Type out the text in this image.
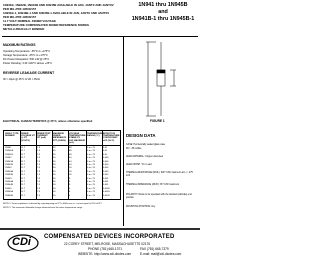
1N941B, 1N942B, 1N943B AND 1N945B AVAILABLE IN JAN, JANTX AND JANTXV
PER MIL-PRF-19500/157
1N941B-1, 1N943B-1 AND 1N945B-1 AVAILABLE IN JAN, JANTX AND JANTXV
PER MIL-PRF-19500/157
11.7 VOLT NOMINAL ZENER VOLTAGE
TEMPERATURE COMPENSATED ZENER REFERENCE DIODES
METALLURGICALLY BONDED
1N941 thru 1N945B
and
1N941B-1 thru 1N945B-1
MAXIMUM RATINGS
Operating Temperature: -65°C to +175°C
Storage Temperature: -65°C to +175°C
DC Power Dissipation: 500 mW @ 25°C
Power Derating: 3.33 mW/°C above +25°C
REVERSE LEAKAGE CURRENT
IR = 10µA @ 25°C & VR = 8Vdc
ELECTRICAL CHARACTERISTICS @ 25°C, unless otherwise specified
JEDEC TYPE NUMBER
ZENER VOLTAGE VZ @ IZT (VOLTS)
ZENER TEST CURRENT IZT (mA)
MAXIMUM ZENER IMPEDANCE ZZT (OHMS)
VOLTAGE TEMPERATURE STABILITY ΔVZ MAXIMUM (mV)
TEMPERATURE RANGE (°C)
EFFECTIVE TEMPERATURE COEFFICIENT αVZ (%/°C)
1N941	11.7	7.5	30	88	0 to +75	0.01
1N941A	11.7	7.5	30	88	0 to +75	0.01
1N941B	11.7	7.5	30	88	0 to +75	0.01
1N942	11.7	7.5	30	44	0 to +75	0.005
1N942A	11.7	7.5	30	44	0 to +75	0.005
1N942B	11.7	7.5	30	44	0 to +75	0.005
1N943	11.7	7.5	30	18	0 to +75	0.002
1N943A	11.7	7.5	30	18	0 to +75	0.002
1N943B	11.7	7.5	30	18	0 to +75	0.002
1N944	11.7	7.5	30	9	0 to +75	0.001
1N944A	11.7	7.5	30	9	0 to +75	0.001
1N944B	11.7	7.5	30	9	0 to +75	0.001
1N945	11.7	7.5	30	4	0 to +75	0.0005
1N945A	11.7	7.5	30	4	0 to +75	0.0005
1N945B	11.7	7.5	30	4	0 to +75	0.0005
NOTE 1: Zener impedance is derived by superimposing on IZT a 60Hz rms a.c. current equal to 10% of IZT.
NOTE 2: The maximum allowable change observed over the entire temperature range.
FIGURE 1
DESIGN DATA
CASE: Hermetically sealed glass case
DO - 35 outline
LEAD MATERIAL: Copper clad steel
LEAD FINISH: Tin / Lead
THERMAL RESISTANCE (RθJL): 300 °C/W maximum at L = .375 inch
THERMAL IMPEDANCE (ZθJX): 35 °C/W maximum
POLARITY: Diode to be operated with the banded (cathode) end positive
MOUNTING POSITION: Any
CDi COMPENSATED DEVICES INCORPORATED
22 COREY STREET, MELROSE, MASSACHUSETTS 02176
PHONE (781) 665-1071	FAX (781) 665-7379
WEBSITE: http://www.cdi-diodes.com	E-mail: mail@cdi-diodes.com
